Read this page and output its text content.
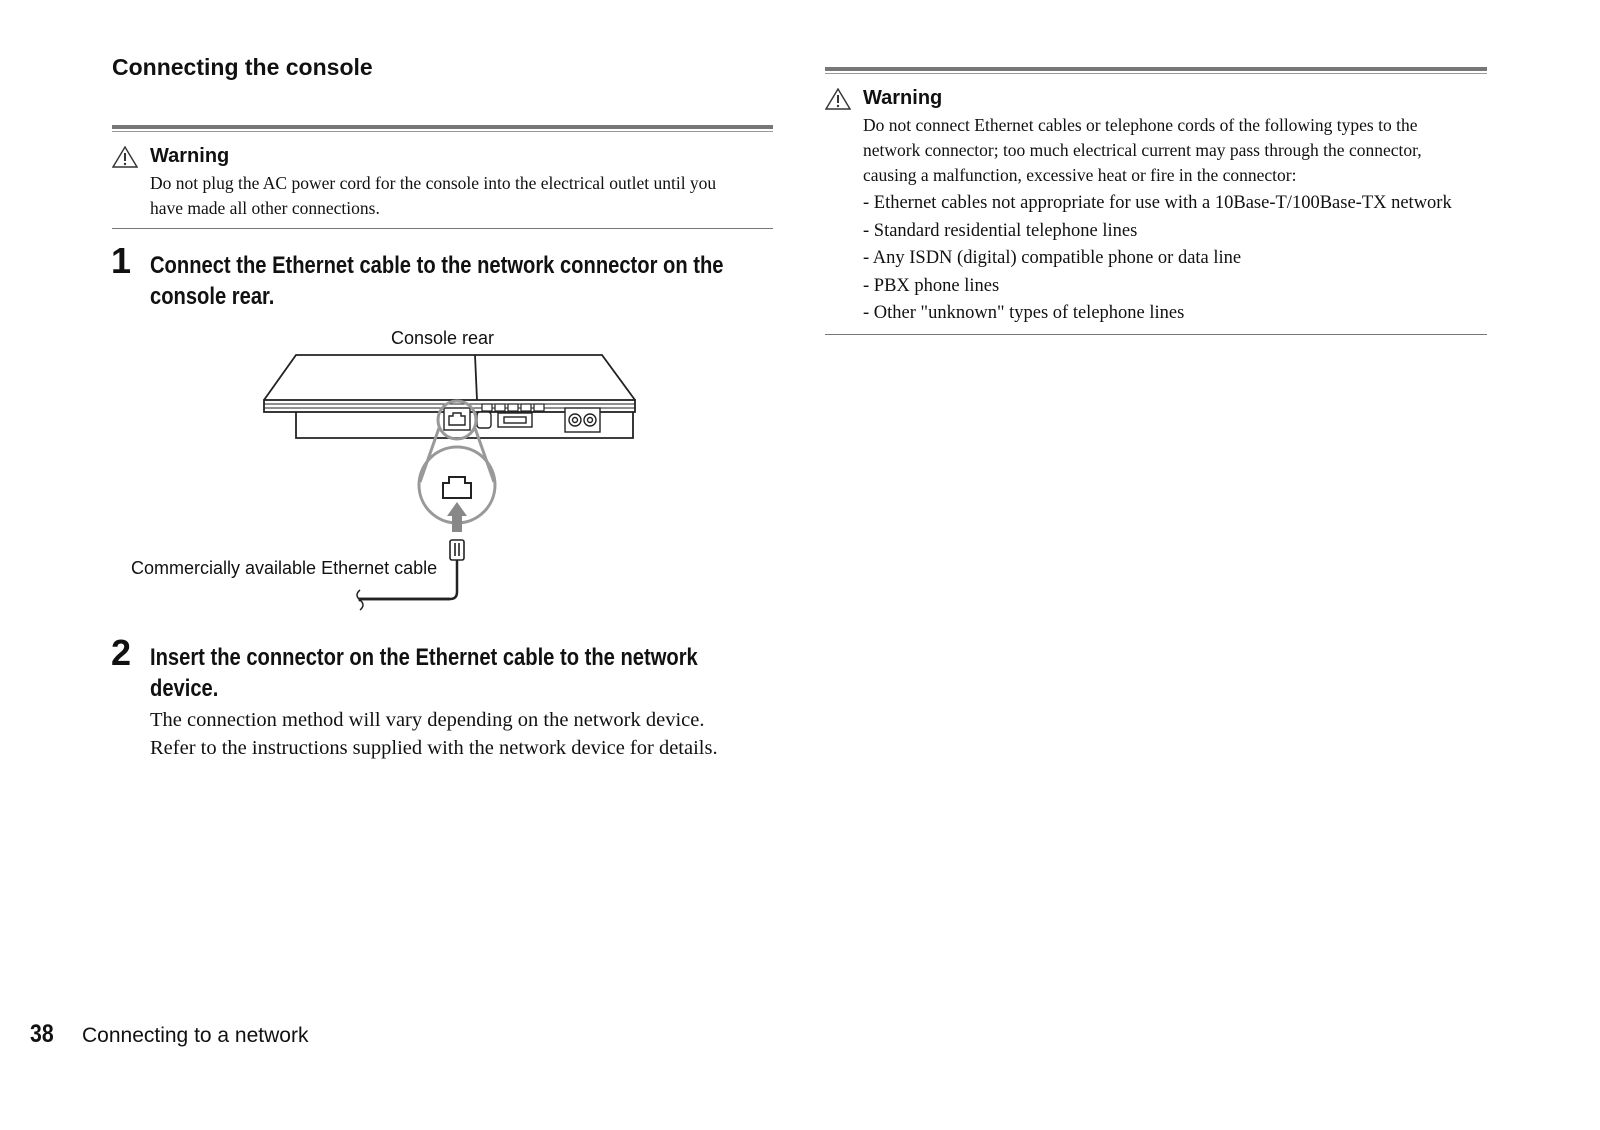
Connecting the console
Warning
Do not plug the AC power cord for the console into the electrical outlet until you
have made all other connections.
1 Connect the Ethernet cable to the network connector on the
console rear.
Console rear
Commercially available Ethernet cable
2 Insert the connector on the Ethernet cable to the network
device.
The connection method will vary depending on the network device.
Refer to the instructions supplied with the network device for details.
Warning
Do not connect Ethernet cables or telephone cords of the following types to the
network connector; too much electrical current may pass through the connector,
causing a malfunction, excessive heat or fire in the connector:
- Ethernet cables not appropriate for use with a 10Base-T/100Base-TX network
- Standard residential telephone lines
- Any ISDN (digital) compatible phone or data line
- PBX phone lines
- Other "unknown" types of telephone lines
38 Connecting to a network
